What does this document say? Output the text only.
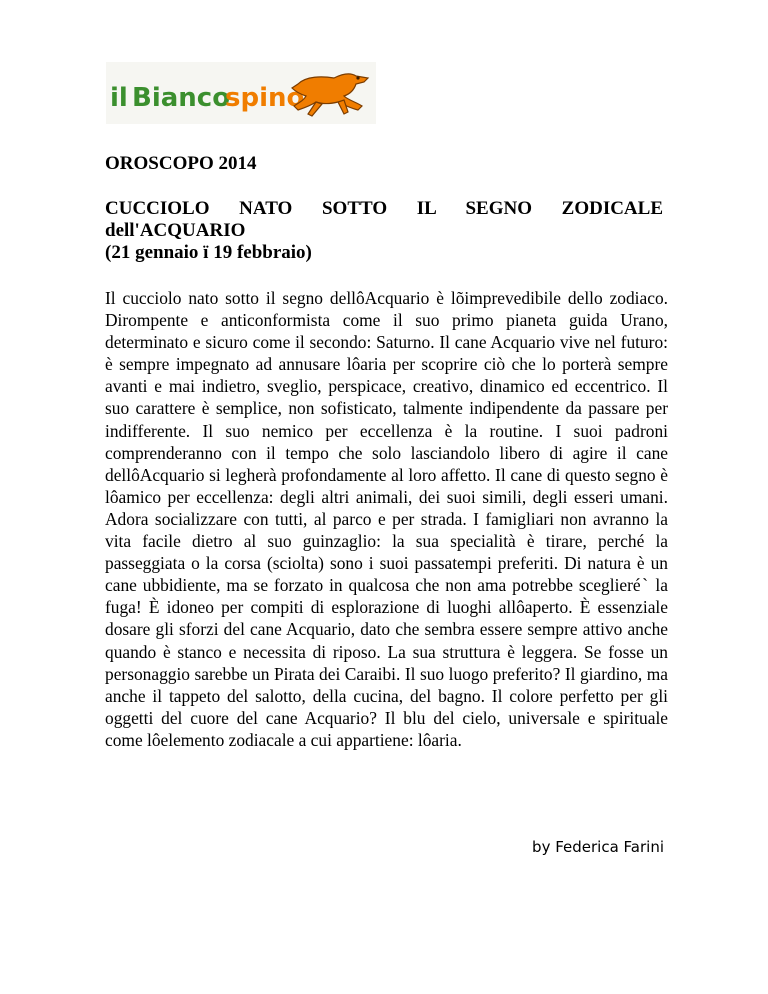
il Bianco
spino

OROSCOPO 2014

CUCCIOLO NATO SOTTO IL SEGNO ZODICALE
dell'ACQUARIO
(21 gennaio ï 19 febbraio)

Il cucciolo nato sotto il segno dellôAcquario è lõimprevedibile dello zodiaco. Dirompente e anticonformista come il suo primo pianeta guida Urano, determinato e sicuro come il secondo: Saturno. Il cane Acquario vive nel futuro: è sempre impegnato ad annusare lôaria per scoprire ciò che lo porterà sempre avanti e mai indietro, sveglio, perspicace, creativo, dinamico ed eccentrico. Il suo carattere è semplice, non sofisticato, talmente indipendente da passare per indifferente. Il suo nemico per eccellenza è la routine. I suoi padroni comprenderanno con il tempo che solo lasciandolo libero di agire il cane dellôAcquario si legherà profondamente al loro affetto. Il cane di questo segno è lôamico per eccellenza: degli altri animali, dei suoi simili, degli esseri umani. Adora socializzare con tutti, al parco e per strada. I famigliari non avranno la vita facile dietro al suo guinzaglio: la sua specialità è tirare, perché la passeggiata o la corsa (sciolta) sono i suoi passatempi preferiti. Di natura è un cane ubbidiente, ma se forzato in qualcosa che non ama potrebbe sceglieréˋ la fuga! È idoneo per compiti di esplorazione di luoghi allôaperto. È essenziale dosare gli sforzi del cane Acquario, dato che sembra essere sempre attivo anche quando è stanco e necessita di riposo. La sua struttura è leggera. Se fosse un personaggio sarebbe un Pirata dei Caraibi. Il suo luogo preferito? Il giardino, ma anche il tappeto del salotto, della cucina, del bagno. Il colore perfetto per gli oggetti del cuore del cane Acquario? Il blu del cielo, universale e spirituale come lôelemento zodiacale a cui appartiene: lôaria.

by Federica Farini
